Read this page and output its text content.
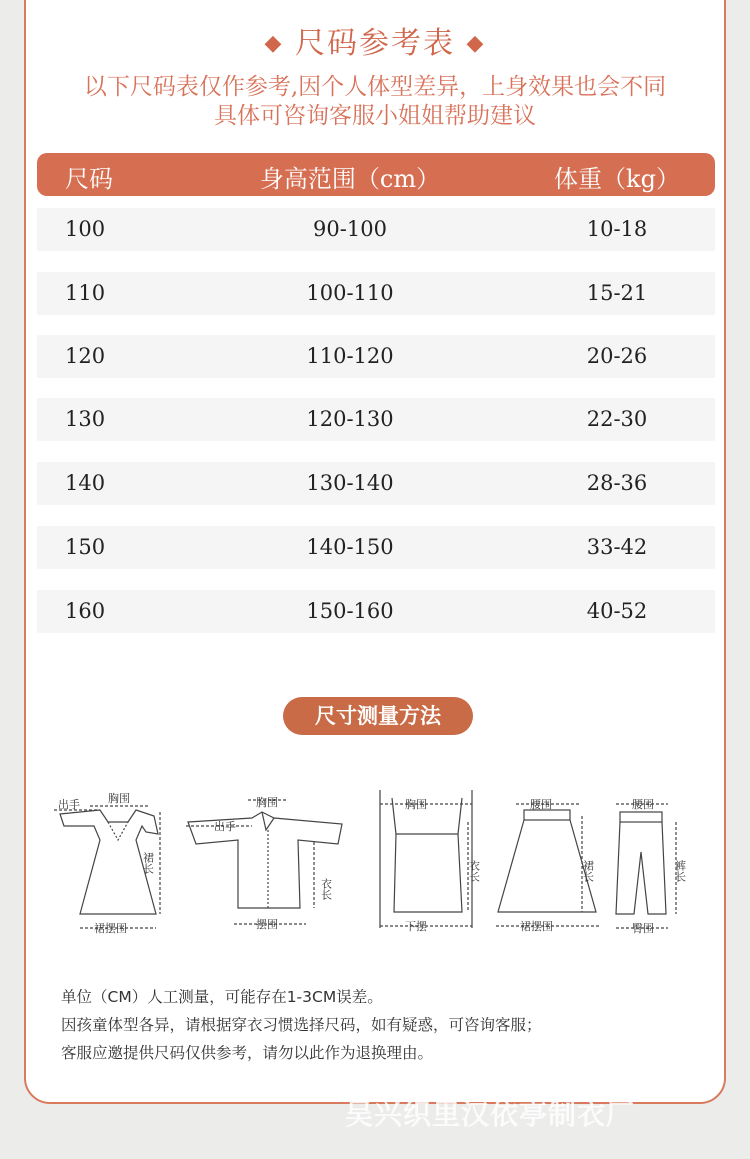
◆ 尺码参考表 ◆
以下尺码表仅作参考,因个人体型差异，上身效果也会不同
具体可咨询客服小姐姐帮助建议
尺码	身高范围（cm）	体重（kg）
100	90-100	10-18
110	100-110	15-21
120	110-120	20-26
130	120-130	22-30
140	130-140	28-36
150	140-150	33-42
160	150-160	40-52
尺寸测量方法
出手	胸围
裙长
裙摆围
出手
胸围
衣长
摆围
胸围
衣长
下摆
腰围
裙长
裙摆围
腰围
裤长
臀围
单位（CM）人工测量，可能存在1-3CM误差。
因孩童体型各异，请根据穿衣习惯选择尺码，如有疑惑，可咨询客服；
客服应邀提供尺码仅供参考，请勿以此作为退换理由。
吴兴织里汉依亭制衣厂
